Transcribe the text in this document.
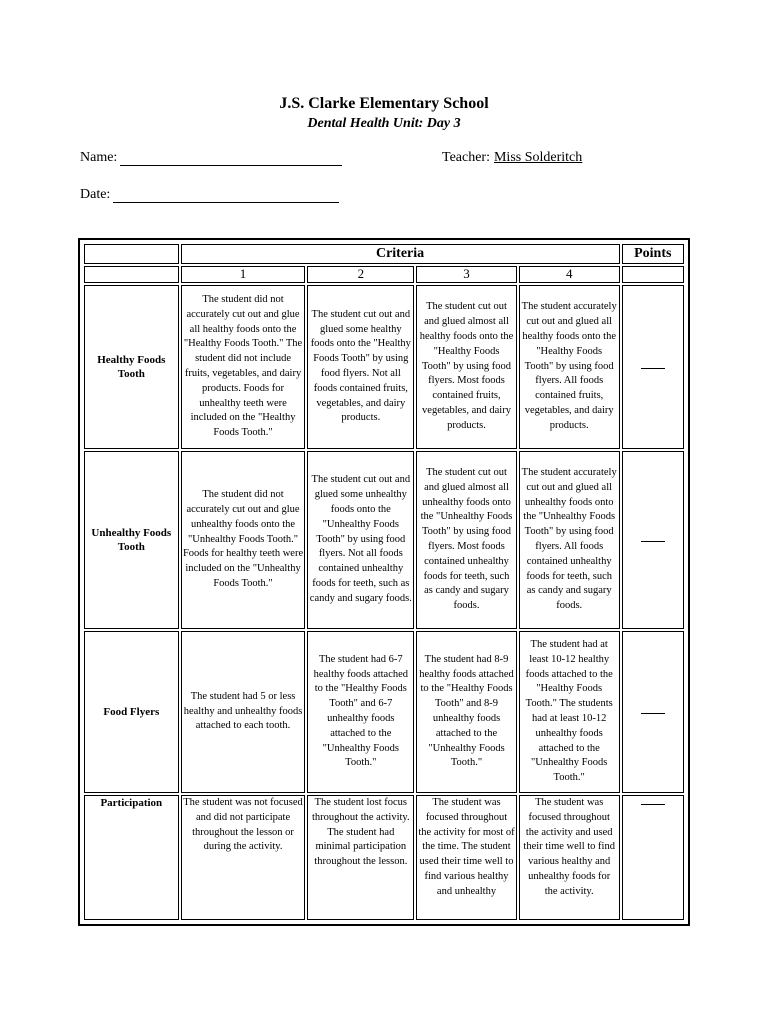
J.S. Clarke Elementary School
Dental Health Unit: Day 3
Name:	Teacher: Miss Solderitch
Date:
	Criteria				Points
	1	2	3	4	
Healthy Foods Tooth	The student did not accurately cut out and glue all healthy foods onto the "Healthy Foods Tooth." The student did not include fruits, vegetables, and dairy products. Foods for unhealthy teeth were included on the "Healthy Foods Tooth."	The student cut out and glued some healthy foods onto the "Healthy Foods Tooth" by using food flyers. Not all foods contained fruits, vegetables, and dairy products.	The student cut out and glued almost all healthy foods onto the "Healthy Foods Tooth" by using food flyers. Most foods contained fruits, vegetables, and dairy products.	The student accurately cut out and glued all healthy foods onto the "Healthy Foods Tooth" by using food flyers. All foods contained fruits, vegetables, and dairy products.	
Unhealthy Foods Tooth	The student did not accurately cut out and glue unhealthy foods onto the "Unhealthy Foods Tooth." Foods for healthy teeth were included on the "Unhealthy Foods Tooth."	The student cut out and glued some unhealthy foods onto the "Unhealthy Foods Tooth" by using food flyers. Not all foods contained unhealthy foods for teeth, such as candy and sugary foods.	The student cut out and glued almost all unhealthy foods onto the "Unhealthy Foods Tooth" by using food flyers. Most foods contained unhealthy foods for teeth, such as candy and sugary foods.	The student accurately cut out and glued all unhealthy foods onto the "Unhealthy Foods Tooth" by using food flyers. All foods contained unhealthy foods for teeth, such as candy and sugary foods.	
Food Flyers	The student had 5 or less healthy and unhealthy foods attached to each tooth.	The student had 6-7 healthy foods attached to the "Healthy Foods Tooth" and 6-7 unhealthy foods attached to the "Unhealthy Foods Tooth."	The student had 8-9 healthy foods attached to the "Healthy Foods Tooth" and 8-9 unhealthy foods attached to the "Unhealthy Foods Tooth."	The student had at least 10-12 healthy foods attached to the "Healthy Foods Tooth." The students had at least 10-12 unhealthy foods attached to the "Unhealthy Foods Tooth."	
Participation	The student was not focused and did not participate throughout the lesson or during the activity.	The student lost focus throughout the activity. The student had minimal participation throughout the lesson.	The student was focused throughout the activity for most of the time. The student used their time well to find various healthy and unhealthy	The student was focused throughout the activity and used their time well to find various healthy and unhealthy foods for the activity.	
